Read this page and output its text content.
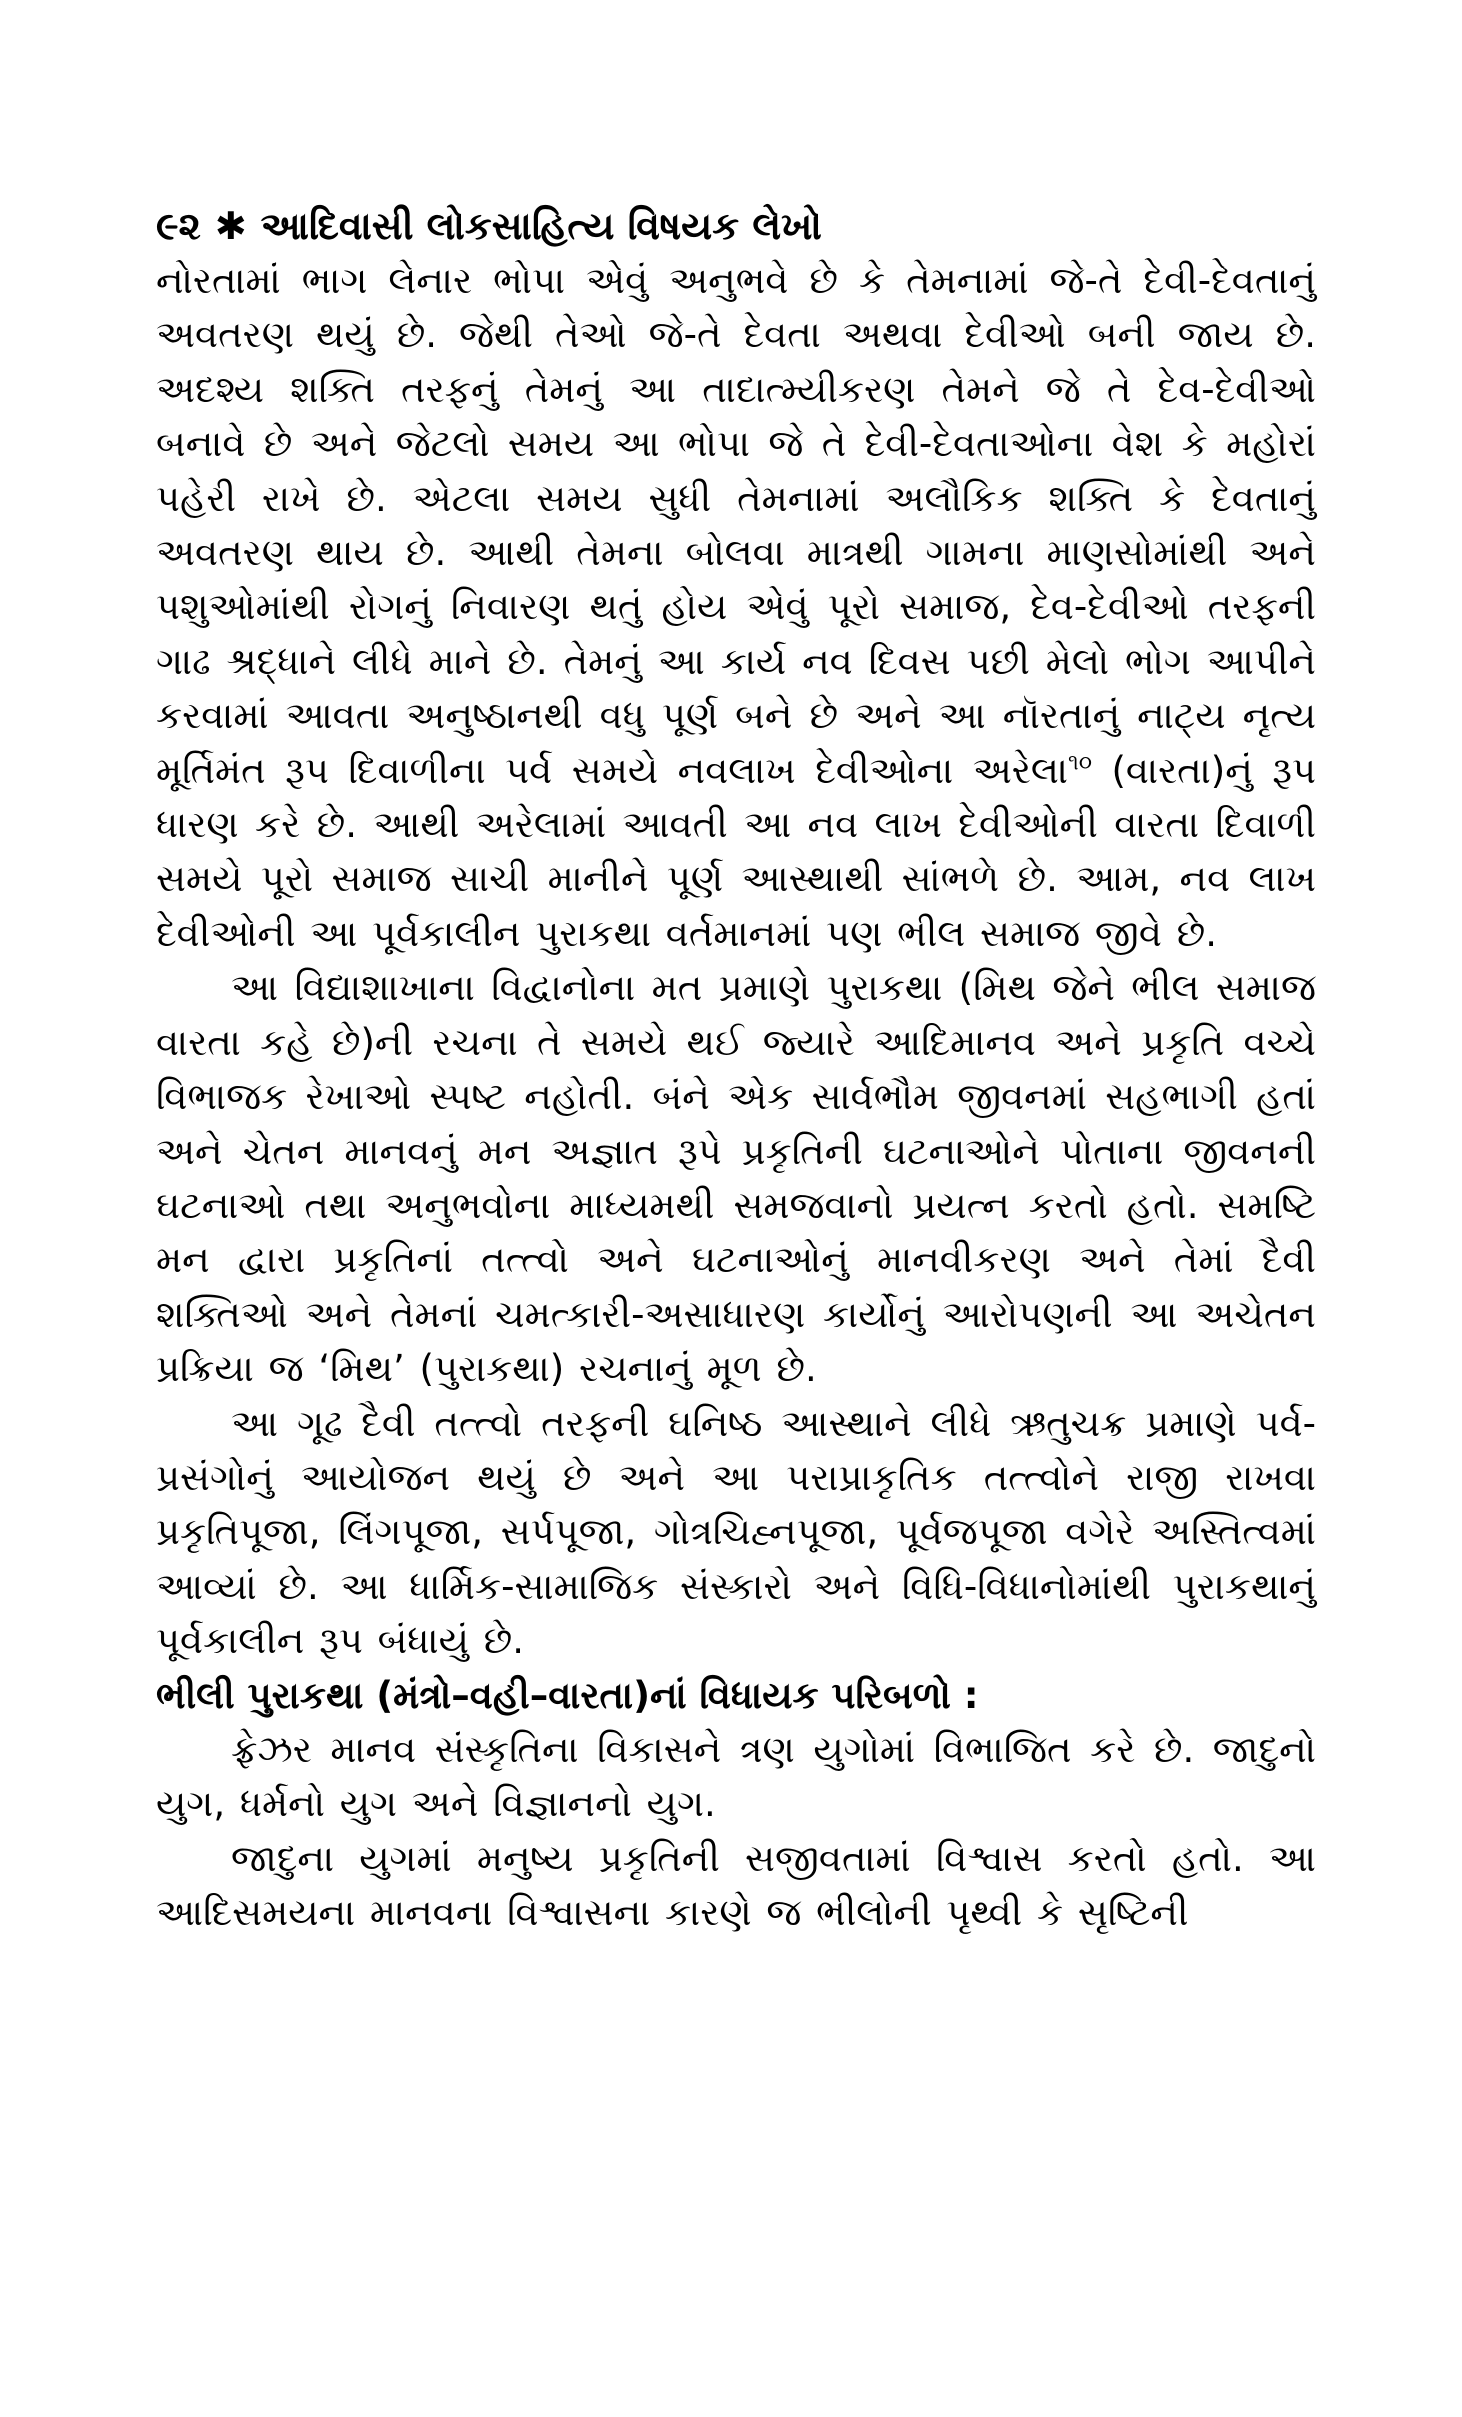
૯૨ ✱ આદિવાસી લોકસાહિત્ય વિષયક લેખો

નોરતામાં ભાગ લેનાર ભોપા એવું અનુભવે છે કે તેમનામાં જે-તે દેવી-દેવતાનું અવતરણ થયું છે. જેથી તેઓ જે-તે દેવતા અથવા દેવીઓ બની જાય છે. અદશ્ય શક્તિ તરફનું તેમનું આ તાદાત્મ્યીકરણ તેમને જે તે દેવ-દેવીઓ બનાવે છે અને જેટલો સમય આ ભોપા જે તે દેવી-દેવતાઓના વેશ કે મહોરાં પહેરી રાખે છે. એટલા સમય સુધી તેમનામાં અલૌકિક શક્તિ કે દેવતાનું અવતરણ થાય છે. આથી તેમના બોલવા માત્રથી ગામના માણસોમાંથી અને પશુઓમાંથી રોગનું નિવારણ થતું હોય એવું પૂરો સમાજ, દેવ-દેવીઓ તરફની ગાઢ શ્રદ્ધાને લીધે માને છે. તેમનું આ કાર્ય નવ દિવસ પછી મેલો ભોગ આપીને કરવામાં આવતા અનુષ્ઠાનથી વધુ પૂર્ણ બને છે અને આ નૉરતાનું નાટ્ય નૃત્ય મૂર્તિમંત રૂપ દિવાળીના પર્વ સમયે નવલાખ દેવીઓના અરેલા$^{૧૦}$ (વારતા)નું રૂપ ધારણ કરે છે. આથી અરેલામાં આવતી આ નવ લાખ દેવીઓની વારતા દિવાળી સમયે પૂરો સમાજ સાચી માનીને પૂર્ણ આસ્થાથી સાંભળે છે. આમ, નવ લાખ દેવીઓની આ પૂર્વકાલીન પુરાકથા વર્તમાનમાં પણ ભીલ સમાજ જીવે છે.

આ વિદ્યાશાખાના વિદ્વાનોના મત પ્રમાણે પુરાકથા (મિથ જેને ભીલ સમાજ વારતા કહે છે)ની રચના તે સમયે થઈ જ્યારે આદિમાનવ અને પ્રકૃતિ વચ્ચે વિભાજક રેખાઓ સ્પષ્ટ નહોતી. બંને એક સાર્વભૌમ જીવનમાં સહભાગી હતાં અને ચેતન માનવનું મન અજ્ઞાત રૂપે પ્રકૃતિની ઘટનાઓને પોતાના જીવનની ઘટનાઓ તથા અનુભવોના માધ્યમથી સમજવાનો પ્રયત્ન કરતો હતો. સમષ્ટિ મન દ્વારા પ્રકૃતિનાં તત્ત્વો અને ઘટનાઓનું માનવીકરણ અને તેમાં દૈવી શક્તિઓ અને તેમનાં ચમત્કારી-અસાધારણ કાર્યોનું આરોપણની આ અચેતન પ્રક્રિયા જ ‘મિથ’ (પુરાકથા) રચનાનું મૂળ છે.

આ ગૂઢ દૈવી તત્ત્વો તરફની ઘનિષ્ઠ આસ્થાને લીધે ઋતુચક્ર પ્રમાણે પર્વ-પ્રસંગોનું આયોજન થયું છે અને આ પરાપ્રાકૃતિક તત્ત્વોને રાજી રાખવા પ્રકૃતિપૂજા, લિંગપૂજા, સર્પપૂજા, ગોત્રચિહ્નપૂજા, પૂર્વજપૂજા વગેરે અસ્તિત્વમાં આવ્યાં છે. આ ધાર્મિક-સામાજિક સંસ્કારો અને વિધિ-વિધાનોમાંથી પુરાકથાનું પૂર્વકાલીન રૂપ બંધાયું છે.

ભીલી પુરાકથા (મંત્રો–વહી–વારતા)નાં વિધાયક પરિબળો :

ફ્રેઝર માનવ સંસ્કૃતિના વિકાસને ત્રણ યુગોમાં વિભાજિત કરે છે. જાદુનો યુગ, ધર્મનો યુગ અને વિજ્ઞાનનો યુગ.

જાદુના યુગમાં મનુષ્ય પ્રકૃતિની સજીવતામાં વિશ્વાસ કરતો હતો. આ આદિસમયના માનવના વિશ્વાસના કારણે જ ભીલોની પૃથ્વી કે સૃષ્ટિની
